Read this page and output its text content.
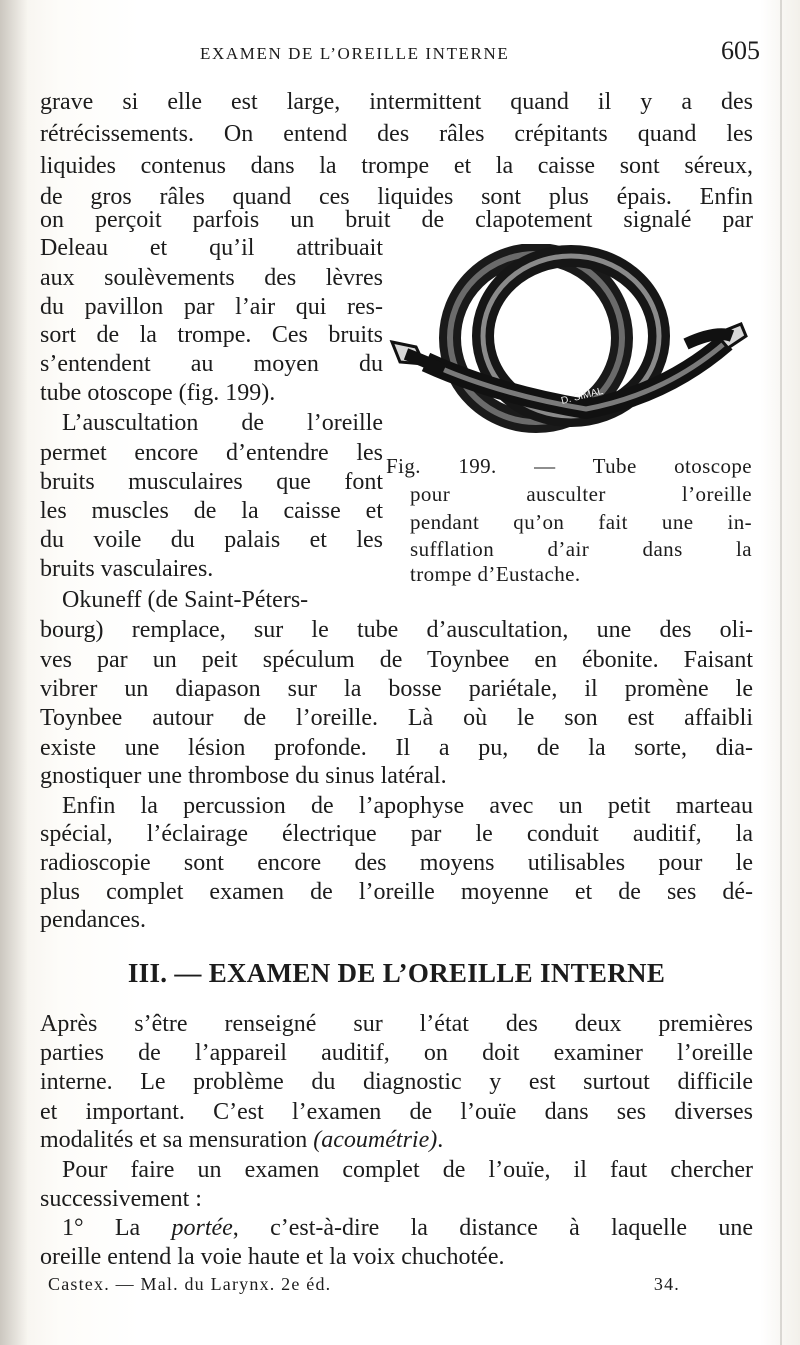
EXAMEN DE L’OREILLE INTERNE	605
grave si elle est large, intermittent quand il y a des
rétrécissements. On entend des râles crépitants quand les
liquides contenus dans la trompe et la caisse sont séreux,
de gros râles quand ces liquides sont plus épais. Enfin
on perçoit parfois un bruit de clapotement signalé par
Deleau et qu’il attribuait
aux soulèvements des lèvres
du pavillon par l’air qui res-
sort de la trompe. Ces bruits
s’entendent au moyen du
tube otoscope (fig. 199).
L’auscultation de l’oreille
permet encore d’entendre les
bruits musculaires que font
les muscles de la caisse et
du voile du palais et les
bruits vasculaires.
Okuneff (de Saint-Péters-
D. SIMAL
Fig. 199. — Tube otoscope
pour ausculter l’oreille
pendant qu’on fait une in-
sufflation d’air dans la
trompe d’Eustache.
bourg) remplace, sur le tube d’auscultation, une des oli-
ves par un peit spéculum de Toynbee en ébonite. Faisant
vibrer un diapason sur la bosse pariétale, il promène le
Toynbee autour de l’oreille. Là où le son est affaibli
existe une lésion profonde. Il a pu, de la sorte, dia-
gnostiquer une thrombose du sinus latéral.
Enfin la percussion de l’apophyse avec un petit marteau
spécial, l’éclairage électrique par le conduit auditif, la
radioscopie sont encore des moyens utilisables pour le
plus complet examen de l’oreille moyenne et de ses dé-
pendances.
III. — EXAMEN DE L’OREILLE INTERNE
Après s’être renseigné sur l’état des deux premières
parties de l’appareil auditif, on doit examiner l’oreille
interne. Le problème du diagnostic y est surtout difficile
et important. C’est l’examen de l’ouïe dans ses diverses
modalités et sa mensuration (acoumétrie).
Pour faire un examen complet de l’ouïe, il faut chercher
successivement :
1° La portée, c’est-à-dire la distance à laquelle une
oreille entend la voie haute et la voix chuchotée.
Castex. — Mal. du Larynx. 2e éd.	34.
